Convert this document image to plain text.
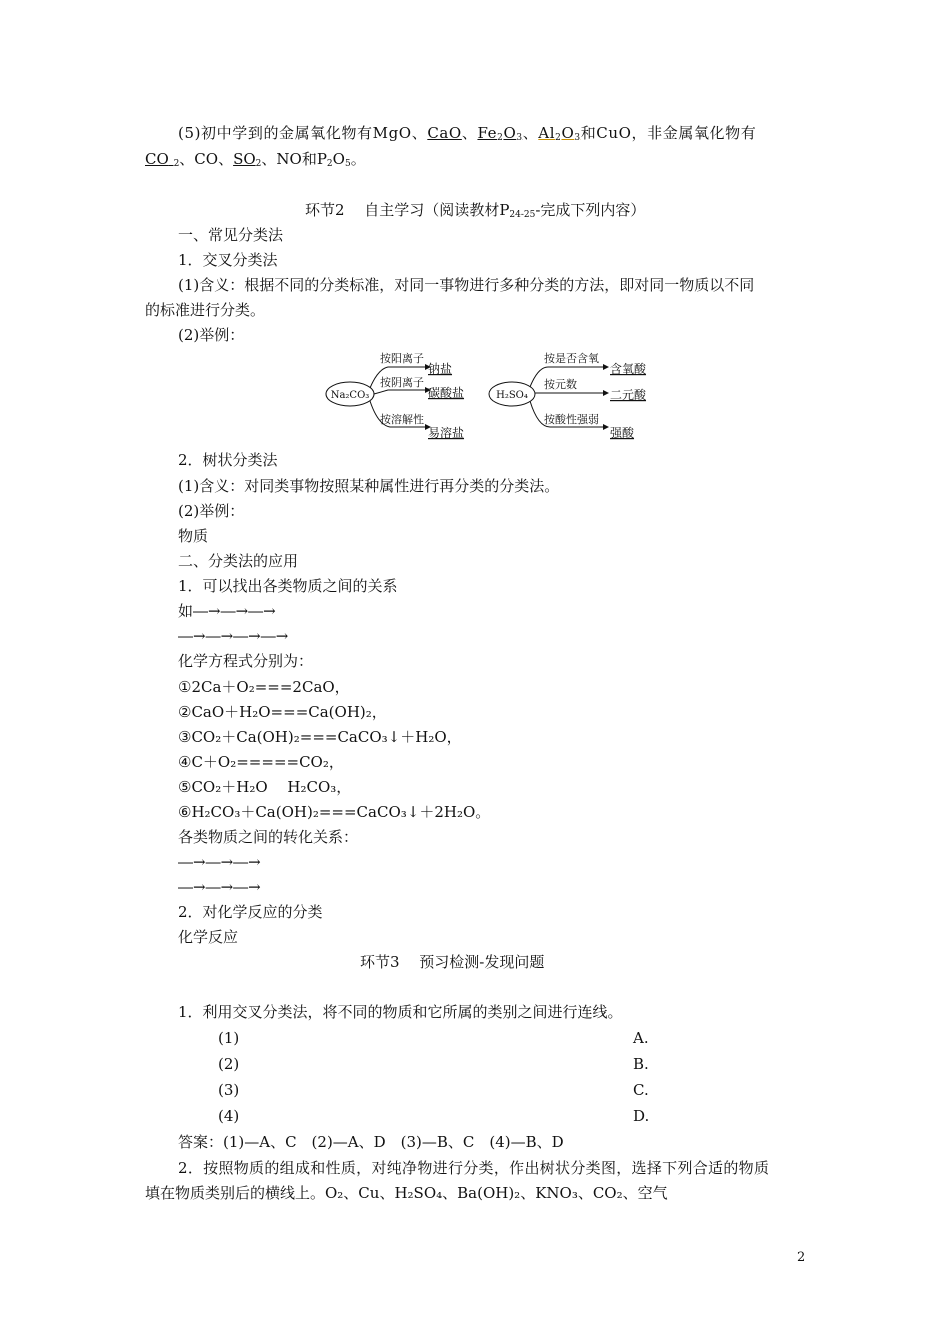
(5)初中学到的金属氧化物有MgO、CaO、$Fe_2O_3$、$Al_2O_3$和CuO，非金属氧化物有
CO $_2$、CO、$SO_2$、NO和$P_2O_5$。
环节2　 自主学习（阅读教材$P_{24-25}-$完成下列内容）
一、常见分类法
1．交叉分类法
(1)含义：根据不同的分类标准，对同一事物进行多种分类的方法，即对同一物质以不同
的标准进行分类。
(2)举例：
Na₂CO₃
按阳离子
按阴离子
按溶解性
钠盐
碳酸盐
易溶盐
H₂SO₄
按是否含氧
按元数
按酸性强弱
含氧酸
二元酸
强酸
2．树状分类法
(1)含义：对同类事物按照某种属性进行再分类的分类法。
(2)举例：
物质
二、分类法的应用
1．可以找出各类物质之间的关系
如―→―→―→
―→―→―→―→
化学方程式分别为：
①2Ca＋O₂===2CaO，
②CaO＋H₂O===Ca(OH)₂，
③CO₂＋Ca(OH)₂===CaCO₃↓＋H₂O，
④C＋O₂=====CO₂，
⑤CO₂＋H₂O　 H₂CO₃，
⑥H₂CO₃＋Ca(OH)₂===CaCO₃↓＋2H₂O。
各类物质之间的转化关系：
―→―→―→
―→―→―→
2．对化学反应的分类
化学反应
环节3　 预习检测-发现问题
1．利用交叉分类法，将不同的物质和它所属的类别之间进行连线。
(1)	A.
(2)	B.
(3)	C.
(4)	D.
答案：(1)—A、C　(2)—A、D　(3)—B、C　(4)—B、D
2．按照物质的组成和性质，对纯净物进行分类，作出树状分类图，选择下列合适的物质
填在物质类别后的横线上。O₂、Cu、H₂SO₄、Ba(OH)₂、KNO₃、CO₂、空气
2
